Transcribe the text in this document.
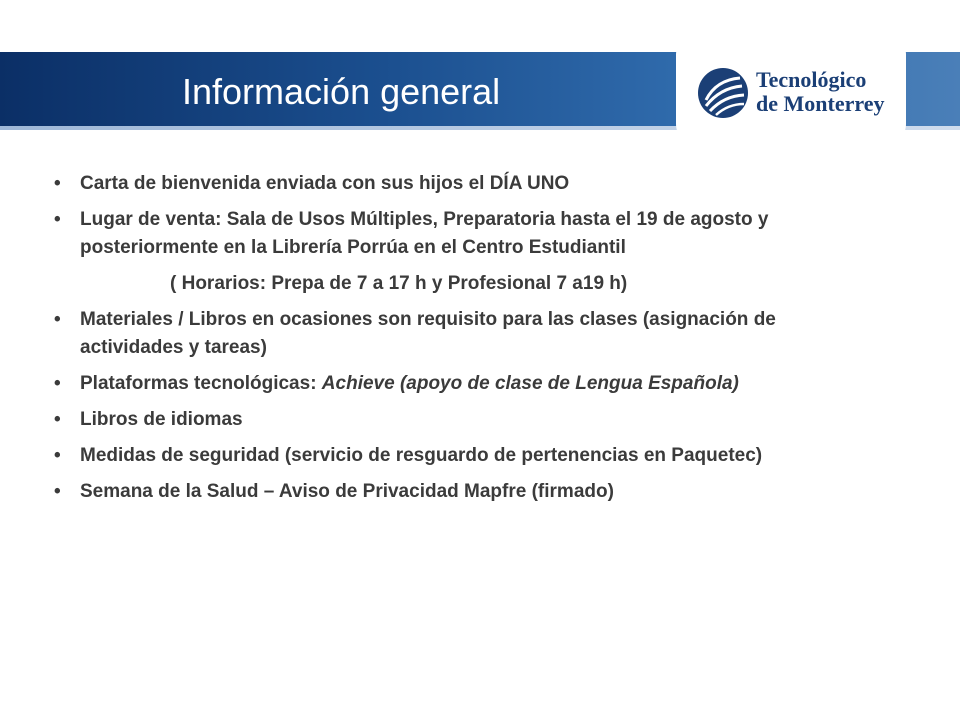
Información general	Tecnológico
de Monterrey
•	Carta de bienvenida enviada con sus hijos el DÍA UNO
•	Lugar de venta: Sala de Usos Múltiples, Preparatoria hasta el 19 de agosto y posteriormente en la Librería Porrúa en el Centro Estudiantil
( Horarios: Prepa de 7 a 17 h y Profesional 7 a19 h)
•	Materiales / Libros en ocasiones son requisito para las clases (asignación de actividades y tareas)
•	Plataformas tecnológicas: Achieve (apoyo de clase de Lengua Española)
•	Libros de idiomas
•	Medidas de seguridad (servicio de resguardo de pertenencias en Paquetec)
•	Semana de la Salud – Aviso de Privacidad Mapfre (firmado)
